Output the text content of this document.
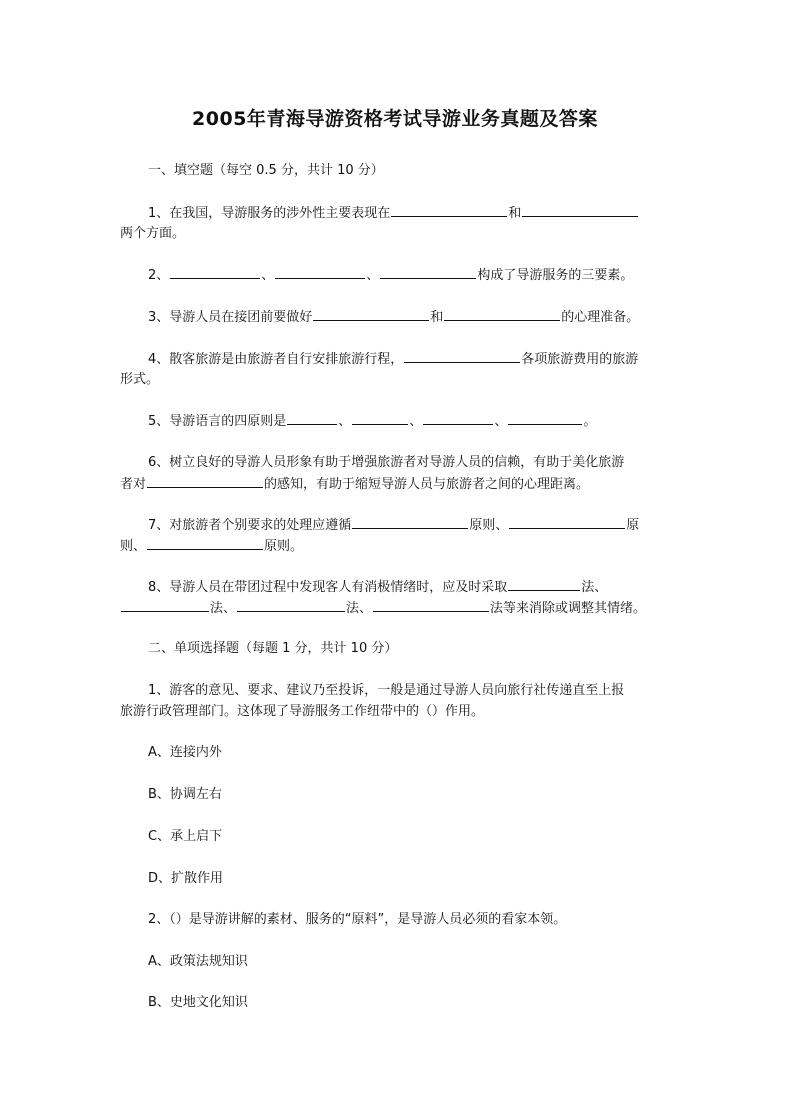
2005年青海导游资格考试导游业务真题及答案
一、填空题（每空 0.5 分，共计 10 分）
1、在我国，导游服务的涉外性主要表现在	和
两个方面。
2、	、	、	构成了导游服务的三要素。
3、导游人员在接团前要做好	和	的心理准备。
4、散客旅游是由旅游者自行安排旅游行程，	各项旅游费用的旅游
形式。
5、导游语言的四原则是	、	、	、	。
6、树立良好的导游人员形象有助于增强旅游者对导游人员的信赖，有助于美化旅游
者对	的感知，有助于缩短导游人员与旅游者之间的心理距离。
7、对旅游者个别要求的处理应遵循	原则、	原
则、	原则。
8、导游人员在带团过程中发现客人有消极情绪时，应及时采取	法、
法、	法、	法等来消除或调整其情绪。
二、单项选择题（每题 1 分，共计 10 分）
1、游客的意见、要求、建议乃至投诉，一般是通过导游人员向旅行社传递直至上报
旅游行政管理部门。这体现了导游服务工作纽带中的（）作用。
A、连接内外
B、协调左右
C、承上启下
D、扩散作用
2、（）是导游讲解的素材、服务的“原料”，是导游人员必须的看家本领。
A、政策法规知识
B、史地文化知识
